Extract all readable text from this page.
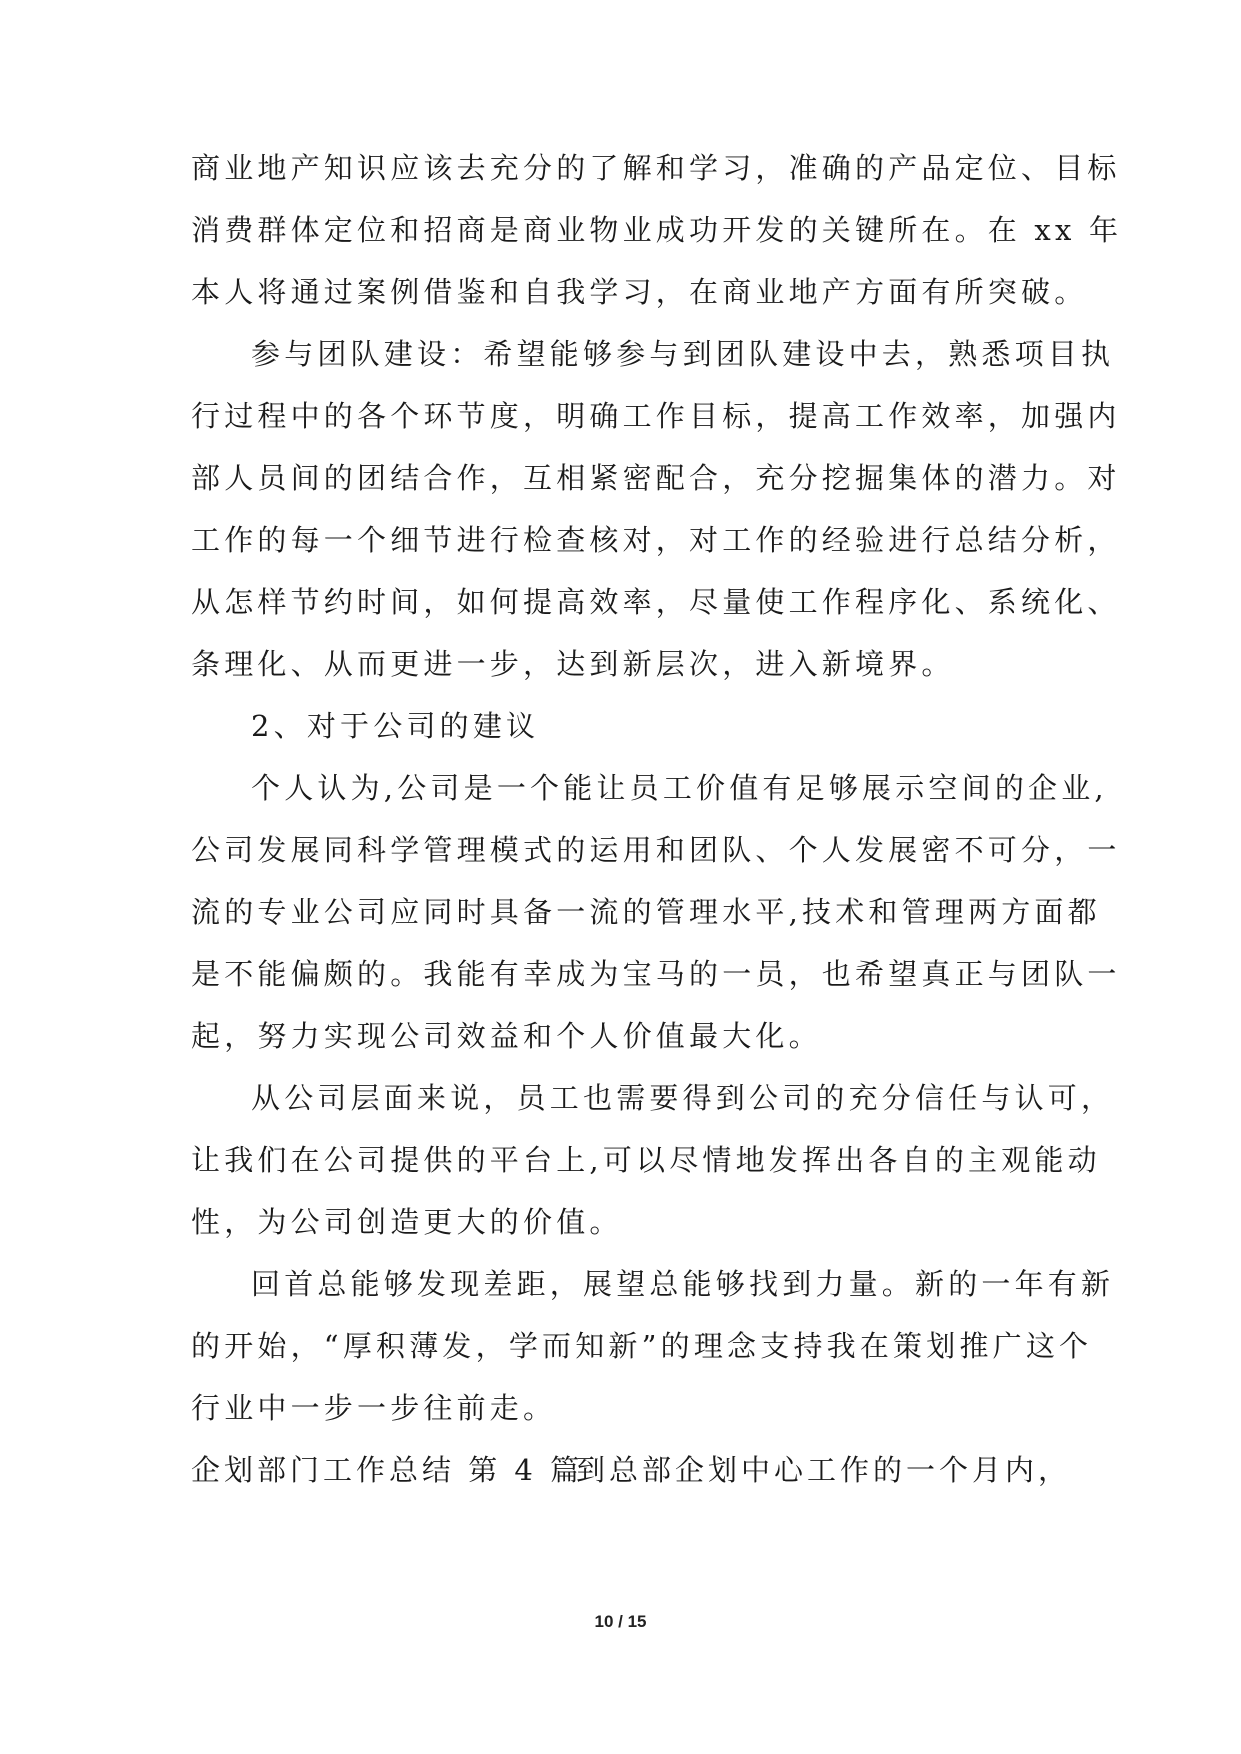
商业地产知识应该去充分的了解和学习，准确的产品定位、目标
消费群体定位和招商是商业物业成功开发的关键所在。在 xx 年
本人将通过案例借鉴和自我学习，在商业地产方面有所突破。
参与团队建设：希望能够参与到团队建设中去，熟悉项目执
行过程中的各个环节度，明确工作目标，提高工作效率，加强内
部人员间的团结合作，互相紧密配合，充分挖掘集体的潜力。对
工作的每一个细节进行检查核对，对工作的经验进行总结分析，
从怎样节约时间，如何提高效率，尽量使工作程序化、系统化、
条理化、从而更进一步，达到新层次，进入新境界。
2、对于公司的建议
个人认为,公司是一个能让员工价值有足够展示空间的企业,
公司发展同科学管理模式的运用和团队、个人发展密不可分，一
流的专业公司应同时具备一流的管理水平,技术和管理两方面都
是不能偏颇的。我能有幸成为宝马的一员，也希望真正与团队一
起，努力实现公司效益和个人价值最大化。
从公司层面来说，员工也需要得到公司的充分信任与认可，
让我们在公司提供的平台上,可以尽情地发挥出各自的主观能动
性，为公司创造更大的价值。
回首总能够发现差距，展望总能够找到力量。新的一年有新
的开始，“厚积薄发，学而知新”的理念支持我在策划推广这个
行业中一步一步往前走。
企划部门工作总结 第 4 篇
到总部企划中心工作的一个月内，
10 / 15
